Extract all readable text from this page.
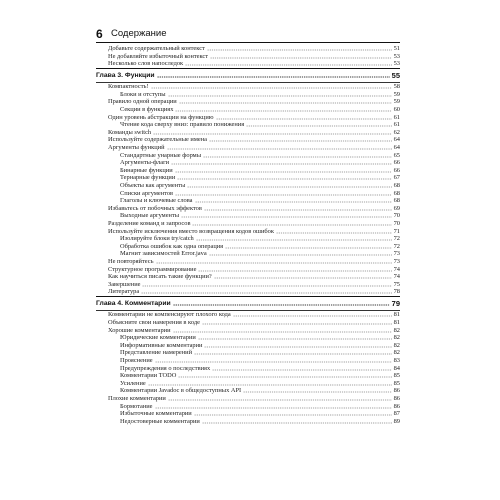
6 Содержание
Добавьте содержательный контекст	51
Не добавляйте избыточный контекст	53
Несколько слов напоследок	53
Глава 3. Функции	55
Компактность!	58
Блоки и отступы	59
Правило одной операции	59
Секции в функциях	60
Один уровень абстракции на функцию	61
Чтение кода сверху вниз: правило понижения	61
Команды switch	62
Используйте содержательные имена	64
Аргументы функций	64
Стандартные унарные формы	65
Аргументы-флаги	66
Бинарные функции	66
Тернарные функции	67
Объекты как аргументы	68
Списки аргументов	68
Глаголы и ключевые слова	68
Избавьтесь от побочных эффектов	69
Выходные аргументы	70
Разделение команд и запросов	70
Используйте исключения вместо возвращения кодов ошибок	71
Изолируйте блоки try/catch	72
Обработка ошибок как одна операция	72
Магнит зависимостей Error.java	73
Не повторяйтесь	73
Структурное программирование	74
Как научиться писать такие функции?	74
Завершение	75
Литература	78
Глава 4. Комментарии	79
Комментарии не компенсируют плохого кода	81
Объясните свои намерения в коде	81
Хорошие комментарии	82
Юридические комментарии	82
Информативные комментарии	82
Представление намерений	82
Прояснение	83
Предупреждения о последствиях	84
Комментарии TODO	85
Усиление	85
Комментарии Javadoc в общедоступных API	86
Плохие комментарии	86
Бормотание	86
Избыточные комментарии	87
Недостоверные комментарии	89
